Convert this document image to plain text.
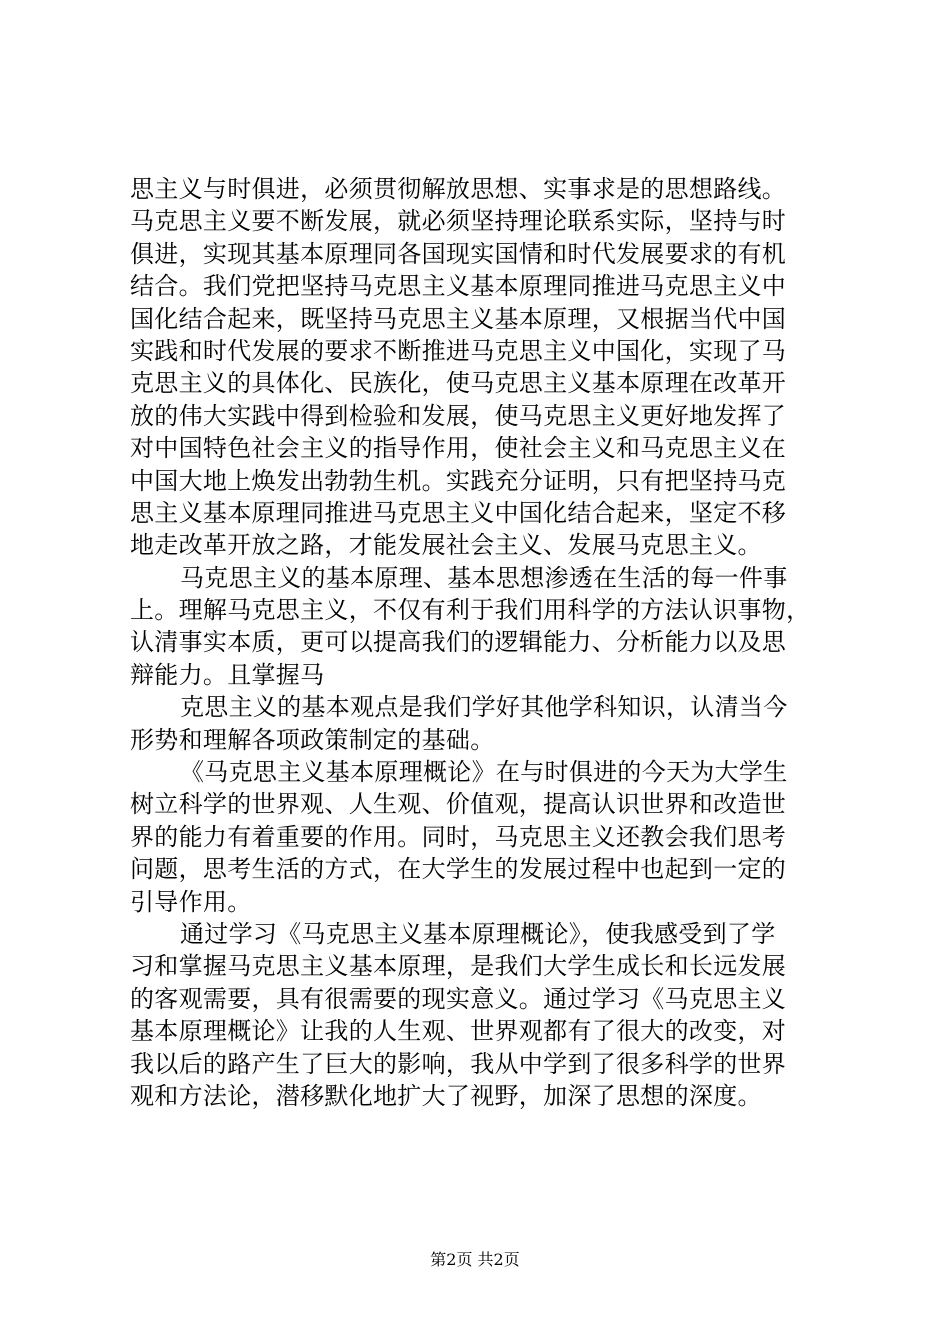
思主义与时俱进，必须贯彻解放思想、实事求是的思想路线。
马克思主义要不断发展，就必须坚持理论联系实际，坚持与时
俱进，实现其基本原理同各国现实国情和时代发展要求的有机
结合。我们党把坚持马克思主义基本原理同推进马克思主义中
国化结合起来，既坚持马克思主义基本原理，又根据当代中国
实践和时代发展的要求不断推进马克思主义中国化，实现了马
克思主义的具体化、民族化，使马克思主义基本原理在改革开
放的伟大实践中得到检验和发展，使马克思主义更好地发挥了
对中国特色社会主义的指导作用，使社会主义和马克思主义在
中国大地上焕发出勃勃生机。实践充分证明，只有把坚持马克
思主义基本原理同推进马克思主义中国化结合起来，坚定不移
地走改革开放之路，才能发展社会主义、发展马克思主义。
马克思主义的基本原理、基本思想渗透在生活的每一件事
上。理解马克思主义，不仅有利于我们用科学的方法认识事物，
认清事实本质，更可以提高我们的逻辑能力、分析能力以及思
辩能力。且掌握马
克思主义的基本观点是我们学好其他学科知识，认清当今
形势和理解各项政策制定的基础。
《马克思主义基本原理概论》在与时俱进的今天为大学生
树立科学的世界观、人生观、价值观，提高认识世界和改造世
界的能力有着重要的作用。同时，马克思主义还教会我们思考
问题，思考生活的方式，在大学生的发展过程中也起到一定的
引导作用。
通过学习《马克思主义基本原理概论》，使我感受到了学
习和掌握马克思主义基本原理，是我们大学生成长和长远发展
的客观需要，具有很需要的现实意义。通过学习《马克思主义
基本原理概论》让我的人生观、世界观都有了很大的改变，对
我以后的路产生了巨大的影响，我从中学到了很多科学的世界
观和方法论，潜移默化地扩大了视野，加深了思想的深度。
第2页 共2页
